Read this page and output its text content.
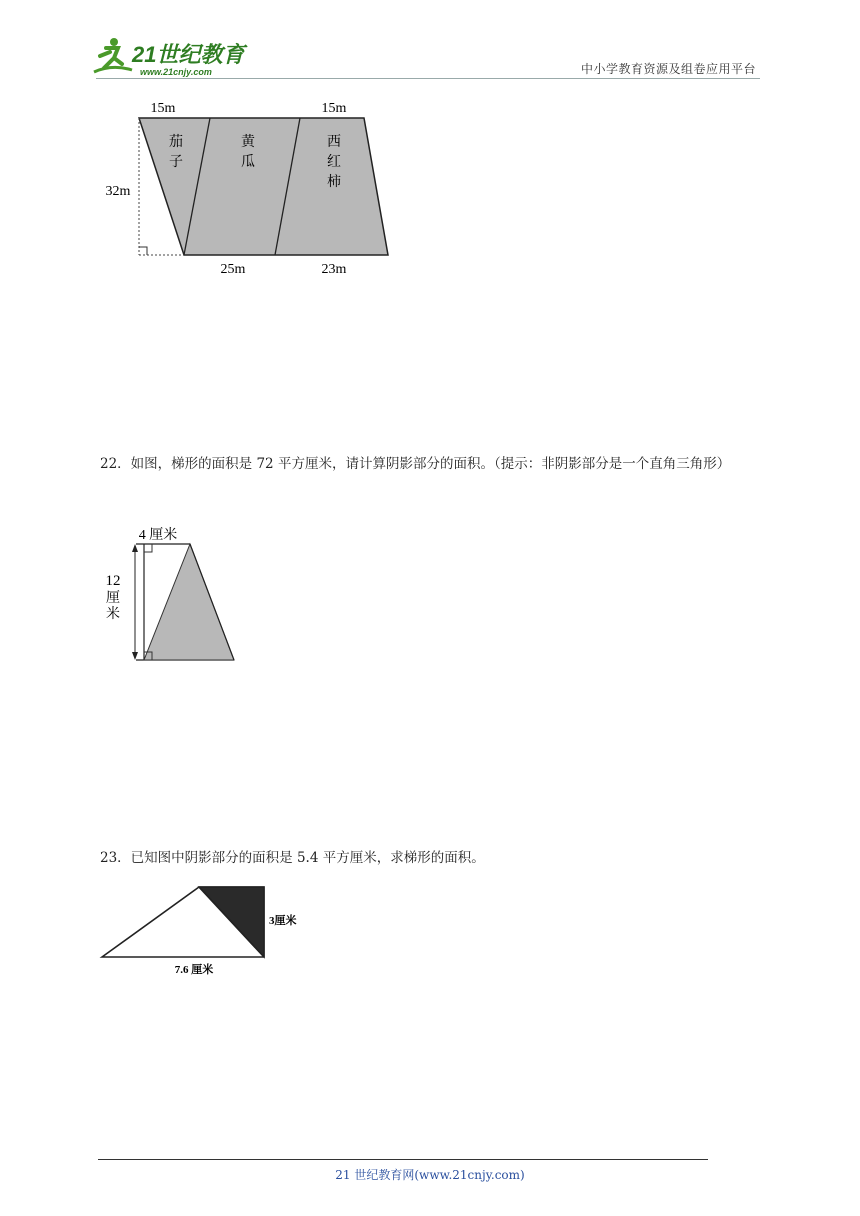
21世纪教育
www.21cnjy.com	中小学教育资源及组卷应用平台
15m	15m
32m
25m	23m
茄
子
黄
瓜
西
红
柿
22．如图，梯形的面积是 72 平方厘米，请计算阴影部分的面积。（提示：非阴影部分是一个直角三角形）
4 厘米
12
厘
米
23．已知图中阴影部分的面积是 5.4 平方厘米，求梯形的面积。
3厘米
7.6 厘米
21 世纪教育网(www.21cnjy.com)
